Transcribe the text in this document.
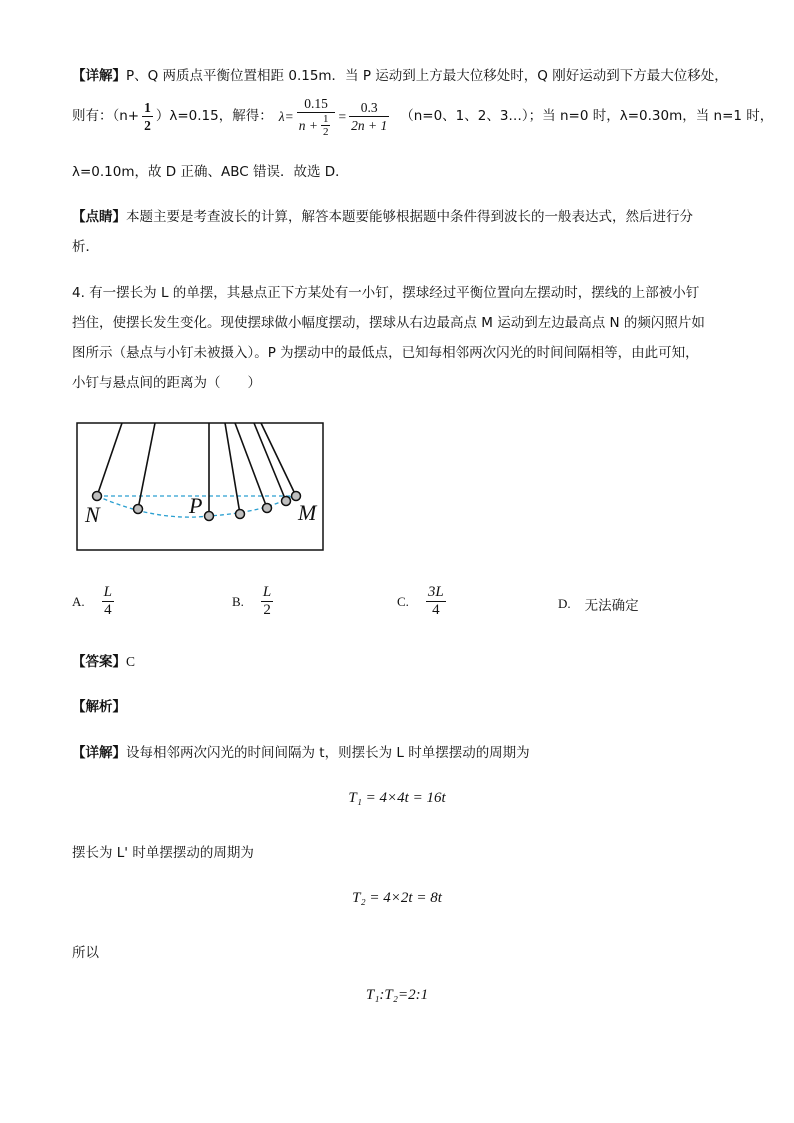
【详解】P、Q 两质点平衡位置相距 0.15m．当 P 运动到上方最大位移处时，Q 刚好运动到下方最大位移处，
则有：$(n+ \frac{1}{2} )\lambda=0.15$，解得： $\lambda= \frac{0.15}{n + \frac{1}{2}} = \frac{0.3}{2n + 1} (n=0$、1、2、3…）；当 n=0 时，λ=0.30m，当 n=1 时，
λ=0.10m，故 D 正确、ABC 错误．故选 D．
【点睛】本题主要是考查波长的计算，解答本题要能够根据题中条件得到波长的一般表达式，然后进行分
析．
4. 有一摆长为 L 的单摆，其悬点正下方某处有一小钉，摆球经过平衡位置向左摆动时，摆线的上部被小钉
挡住，使摆长发生变化。现使摆球做小幅度摆动，摆球从右边最高点 M 运动到左边最高点 N 的频闪照片如
图所示（悬点与小钉未被摄入）。P 为摆动中的最低点，已知每相邻两次闪光的时间间隔相等，由此可知，
小钉与悬点间的距离为（　　）
N	P	M
A. $\frac{L}{4}$	B. $\frac{L}{2}$	C. $\frac{3L}{4}$	D. 无法确定
【答案】C
【解析】
【详解】设每相邻两次闪光的时间间隔为 t，则摆长为 L 时单摆摆动的周期为
T₁ = 4×4t = 16t
摆长为 L' 时单摆摆动的周期为
T₂ = 4×2t = 8t
所以
T₁:T₂=2:1
